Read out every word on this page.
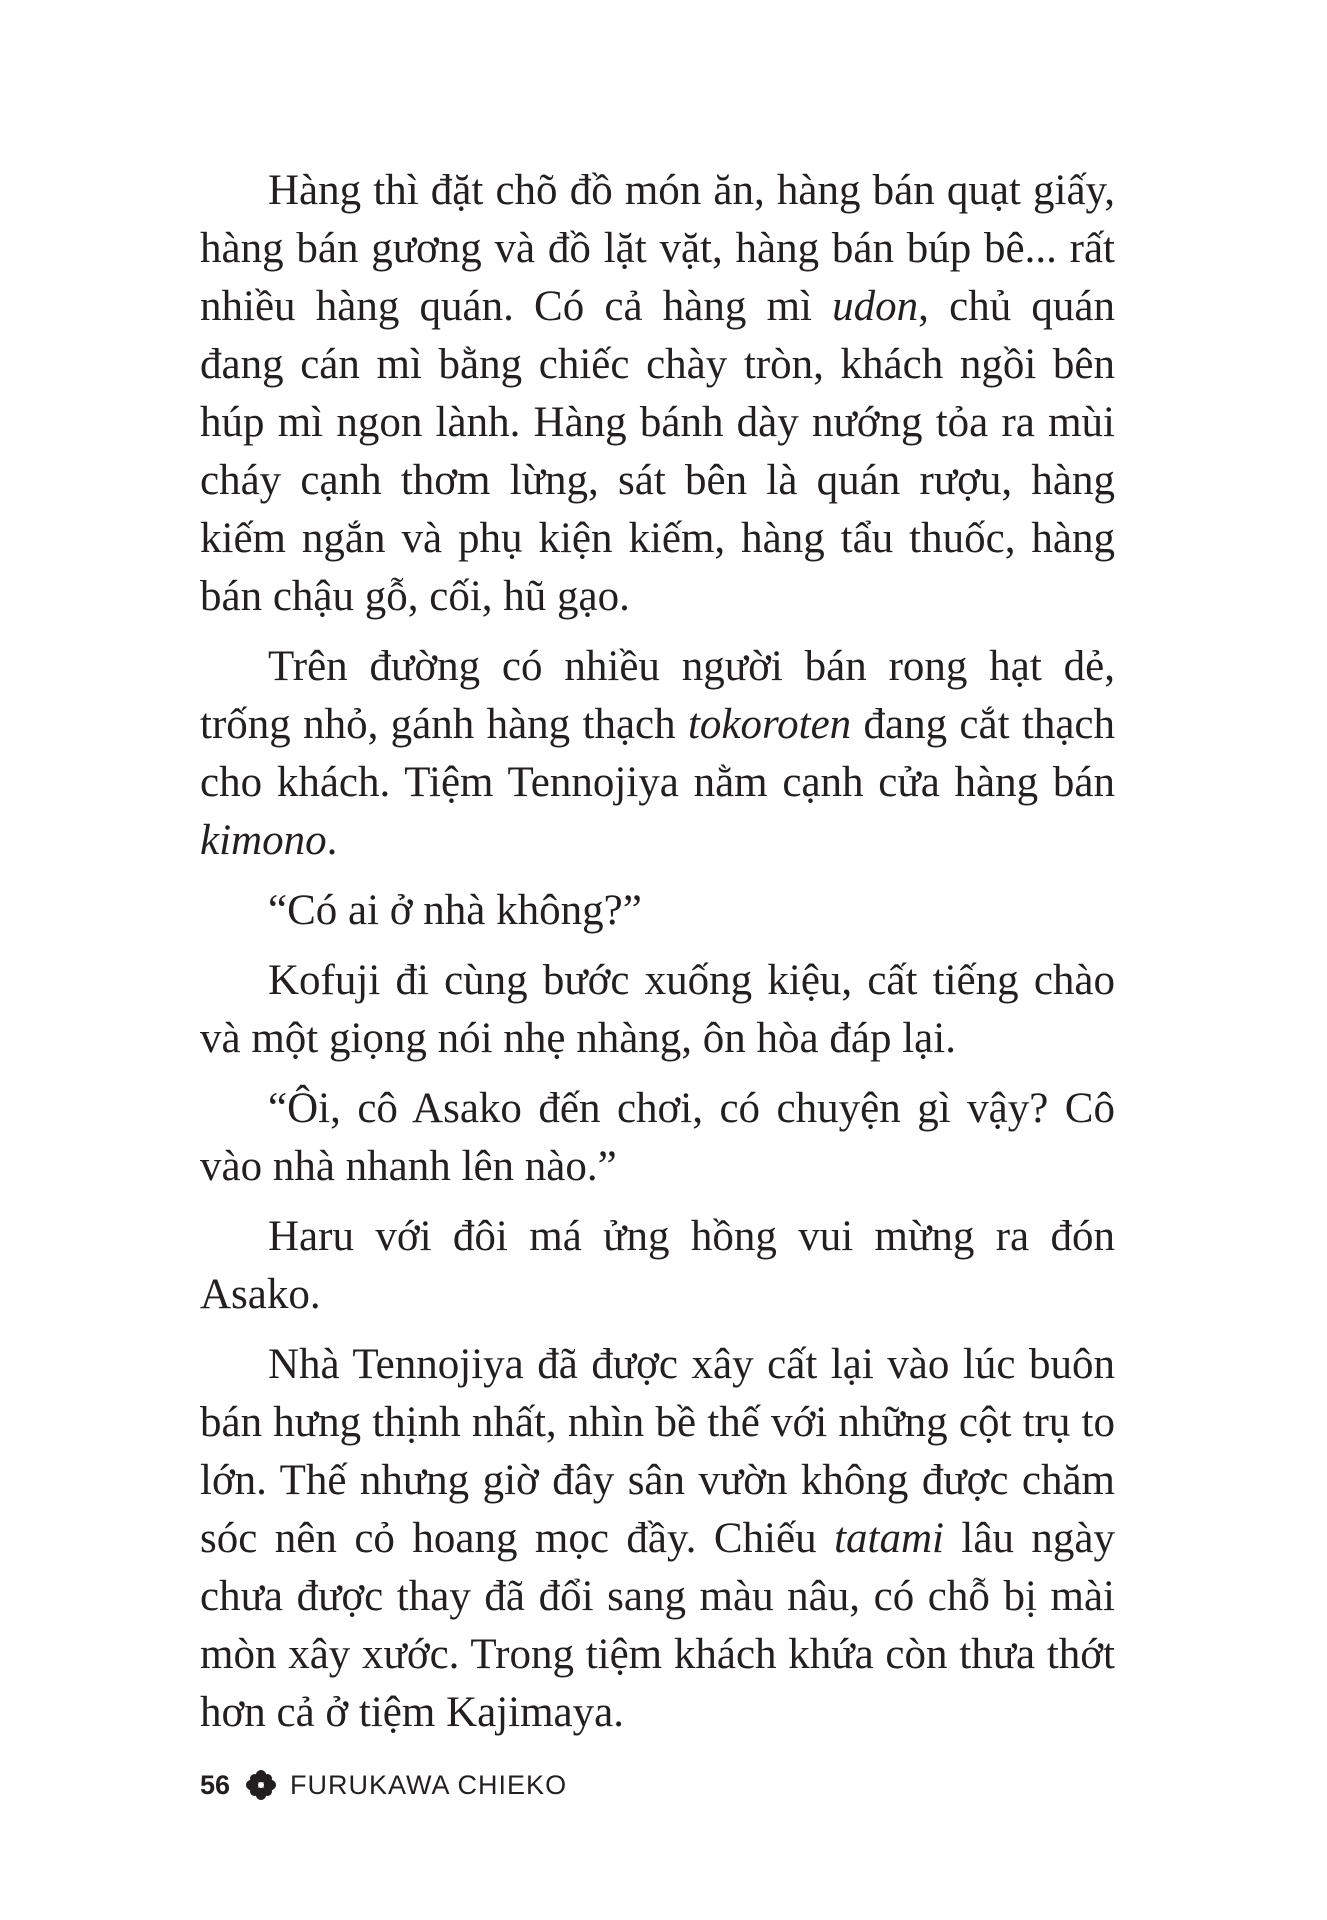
Hàng thì đặt chõ đồ món ăn, hàng bán quạt giấy, hàng bán gương và đồ lặt vặt, hàng bán búp bê... rất nhiều hàng quán. Có cả hàng mì udon, chủ quán đang cán mì bằng chiếc chày tròn, khách ngồi bên húp mì ngon lành. Hàng bánh dày nướng tỏa ra mùi cháy cạnh thơm lừng, sát bên là quán rượu, hàng kiếm ngắn và phụ kiện kiếm, hàng tẩu thuốc, hàng bán chậu gỗ, cối, hũ gạo.

Trên đường có nhiều người bán rong hạt dẻ, trống nhỏ, gánh hàng thạch tokoroten đang cắt thạch cho khách. Tiệm Tennojiya nằm cạnh cửa hàng bán kimono.

“Có ai ở nhà không?”

Kofuji đi cùng bước xuống kiệu, cất tiếng chào và một giọng nói nhẹ nhàng, ôn hòa đáp lại.

“Ôi, cô Asako đến chơi, có chuyện gì vậy? Cô vào nhà nhanh lên nào.”

Haru với đôi má ửng hồng vui mừng ra đón Asako.

Nhà Tennojiya đã được xây cất lại vào lúc buôn bán hưng thịnh nhất, nhìn bề thế với những cột trụ to lớn. Thế nhưng giờ đây sân vườn không được chăm sóc nên cỏ hoang mọc đầy. Chiếu tatami lâu ngày chưa được thay đã đổi sang màu nâu, có chỗ bị mài mòn xây xước. Trong tiệm khách khứa còn thưa thớt hơn cả ở tiệm Kajimaya.

56 FURUKAWA CHIEKO
